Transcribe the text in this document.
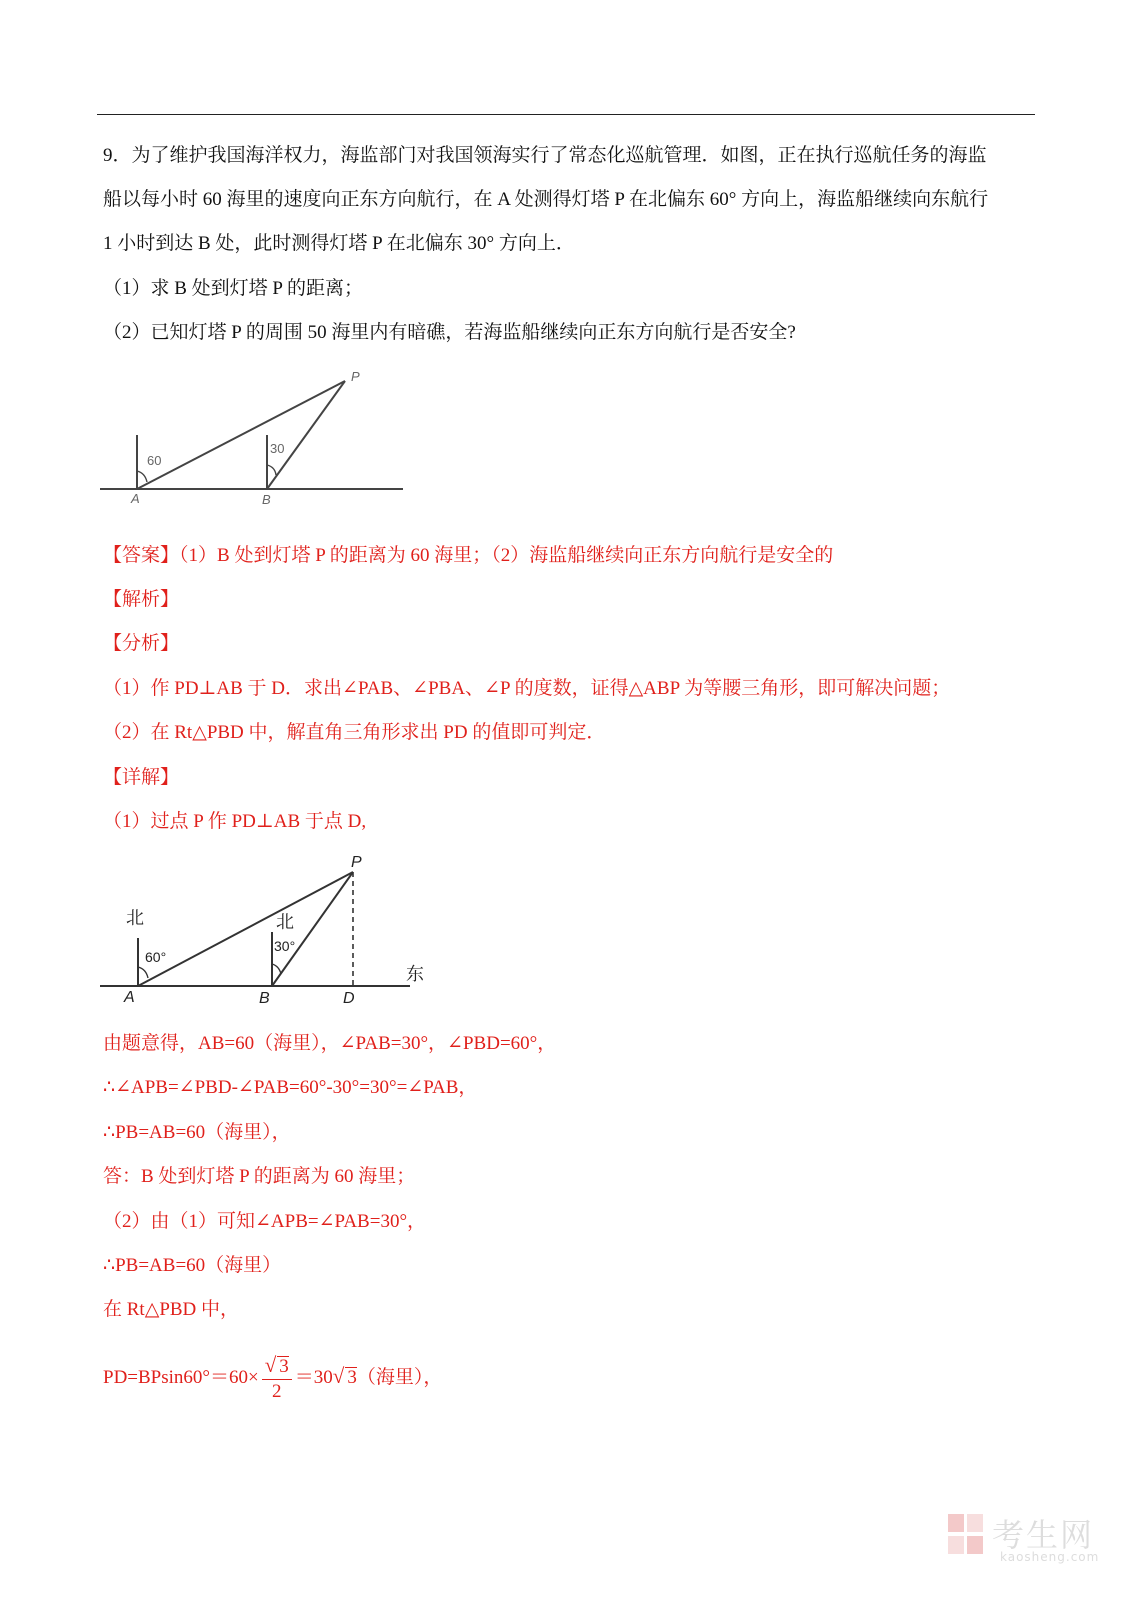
9．为了维护我国海洋权力，海监部门对我国领海实行了常态化巡航管理．如图，正在执行巡航任务的海监
船以每小时 60 海里的速度向正东方向航行，在 A 处测得灯塔 P 在北偏东 60° 方向上，海监船继续向东航行
1 小时到达 B 处，此时测得灯塔 P 在北偏东 30° 方向上．
（1）求 B 处到灯塔 P 的距离；
（2）已知灯塔 P 的周围 50 海里内有暗礁，若海监船继续向正东方向航行是否安全?
60
30
A	B
P
【答案】（1）B 处到灯塔 P 的距离为 60 海里；（2）海监船继续向正东方向航行是安全的
【解析】
【分析】
（1）作 PD⊥AB 于 D．求出∠PAB、∠PBA、∠P 的度数，证得△ABP 为等腰三角形，即可解决问题；
（2）在 Rt△PBD 中，解直角三角形求出 PD 的值即可判定．
【详解】
（1）过点 P 作 PD⊥AB 于点 D,
北	北
东
60°
30°
A	B	D
P
由题意得，AB=60（海里），∠PAB=30°，∠PBD=60°，
∴∠APB=∠PBD-∠PAB=60°-30°=30°=∠PAB，
∴PB=AB=60（海里），
答：B 处到灯塔 P 的距离为 60 海里；
（2）由（1）可知∠APB=∠PAB=30°，
∴PB=AB=60（海里）
在 Rt△PBD 中，
$PD=BPsin60^\circ=60\times \frac{√ 3}{2} =30√$ 3（海里），
考生网
kaosheng.com
